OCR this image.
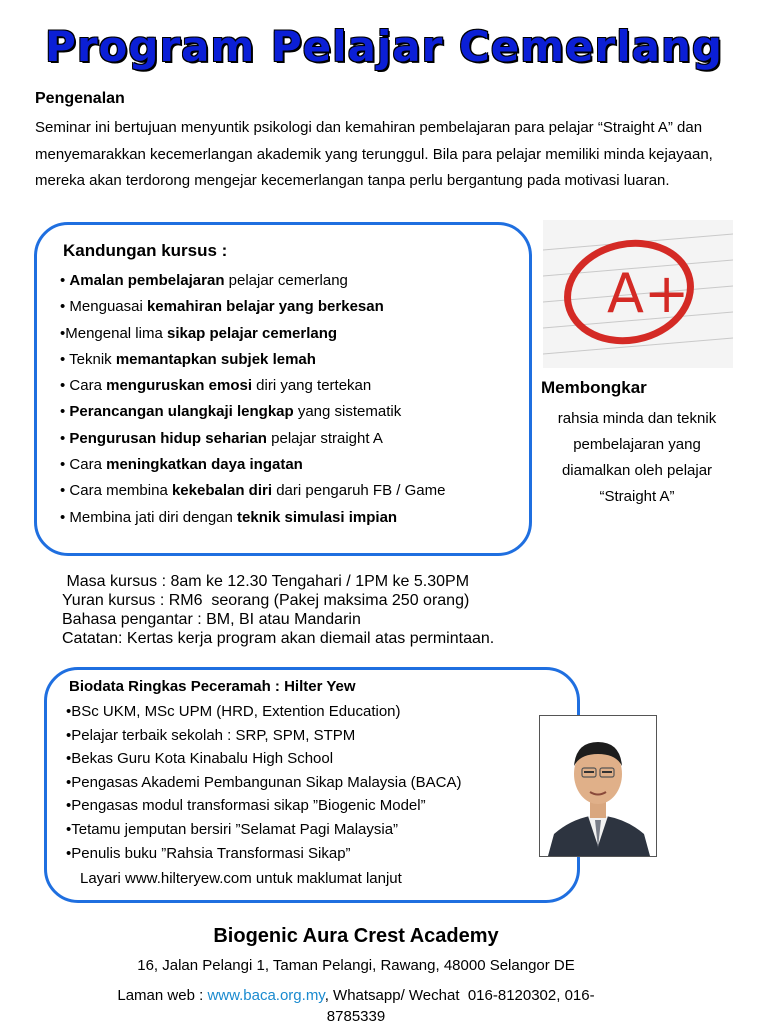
Program Pelajar Cemerlang
Pengenalan
Seminar ini bertujuan menyuntik psikologi dan kemahiran pembelajaran para pelajar “Straight A” dan menyemarakkan kecemerlangan akademik yang terunggul. Bila para pelajar memiliki minda kejayaan, mereka akan terdorong mengejar kecemerlangan tanpa perlu bergantung pada motivasi luaran.
Kandungan kursus :
• Amalan pembelajaran pelajar cemerlang
• Menguasai kemahiran belajar yang berkesan
•Mengenal lima sikap pelajar cemerlang
• Teknik memantapkan subjek lemah
• Cara menguruskan emosi diri yang tertekan
• Perancangan ulangkaji lengkap yang sistematik
• Pengurusan hidup seharian pelajar straight A
• Cara meningkatkan daya ingatan
• Cara membina kekebalan diri dari pengaruh FB / Game
• Membina jati diri dengan teknik simulasi impian
A+
Membongkar
rahsia minda dan teknik
pembelajaran yang
diamalkan oleh pelajar
“Straight A”
Masa kursus : 8am ke 12.30 Tengahari / 1PM ke 5.30PM
Yuran kursus : RM6  seorang (Pakej maksima 250 orang)
Bahasa pengantar : BM, BI atau Mandarin
Catatan: Kertas kerja program akan diemail atas permintaan.
Biodata Ringkas Peceramah : Hilter Yew
•BSc UKM, MSc UPM (HRD, Extention Education)
•Pelajar terbaik sekolah : SRP, SPM, STPM
•Bekas Guru Kota Kinabalu High School
•Pengasas Akademi Pembangunan Sikap Malaysia (BACA)
•Pengasas modul transformasi sikap ”Biogenic Model”
•Tetamu jemputan bersiri ”Selamat Pagi Malaysia”
•Penulis buku ”Rahsia Transformasi Sikap”
Layari www.hilteryew.com untuk maklumat lanjut
Biogenic Aura Crest Academy
16, Jalan Pelangi 1, Taman Pelangi, Rawang, 48000 Selangor DE
Laman web : www.baca.org.my, Whatsapp/ Wechat  016-8120302, 016-
8785339
